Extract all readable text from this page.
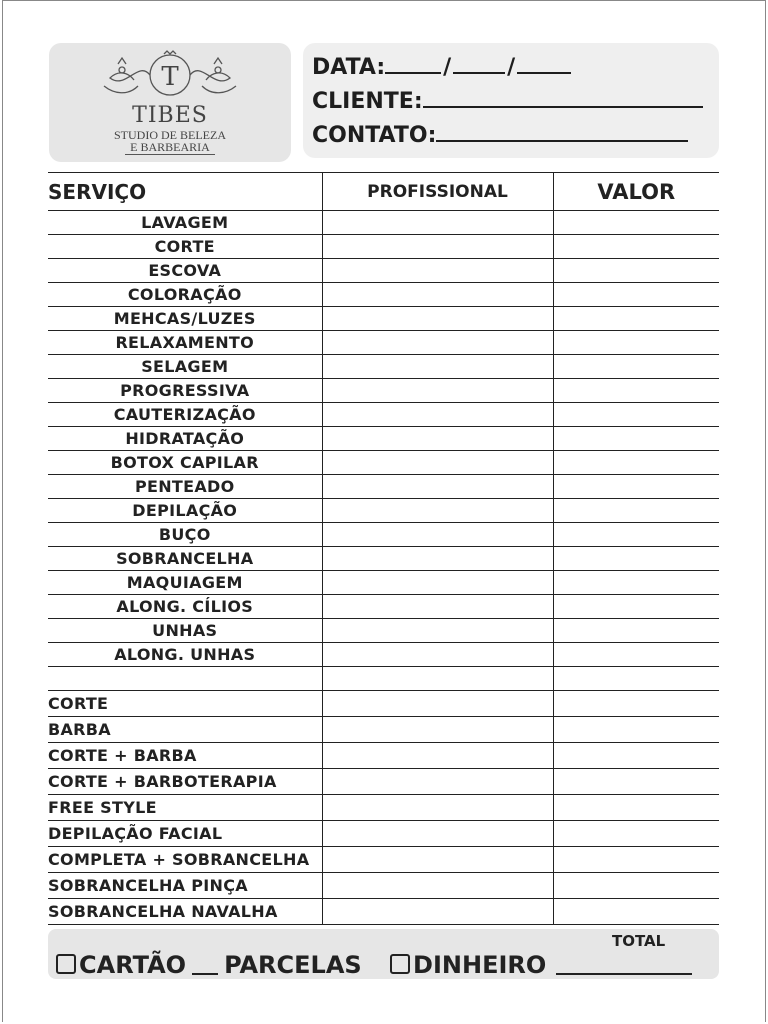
T
TIBES
STUDIO DE BELEZA
E BARBEARIA
DATA:	/	/
CLIENTE:
CONTATO:
SERVIÇO	PROFISSIONAL	VALOR
LAVAGEM		
CORTE		
ESCOVA		
COLORAÇÃO		
MEHCAS/LUZES		
RELAXAMENTO		
SELAGEM		
PROGRESSIVA		
CAUTERIZAÇÃO		
HIDRATAÇÃO		
BOTOX CAPILAR		
PENTEADO		
DEPILAÇÃO		
BUÇO		
SOBRANCELHA		
MAQUIAGEM		
ALONG. CÍLIOS		
UNHAS		
ALONG. UNHAS		

CORTE		
BARBA		
CORTE + BARBA		
CORTE + BARBOTERAPIA		
FREE STYLE		
DEPILAÇÃO FACIAL		
COMPLETA + SOBRANCELHA		
SOBRANCELHA PINÇA		
SOBRANCELHA NAVALHA		
TOTAL
CARTÃO PARCELAS DINHEIRO
